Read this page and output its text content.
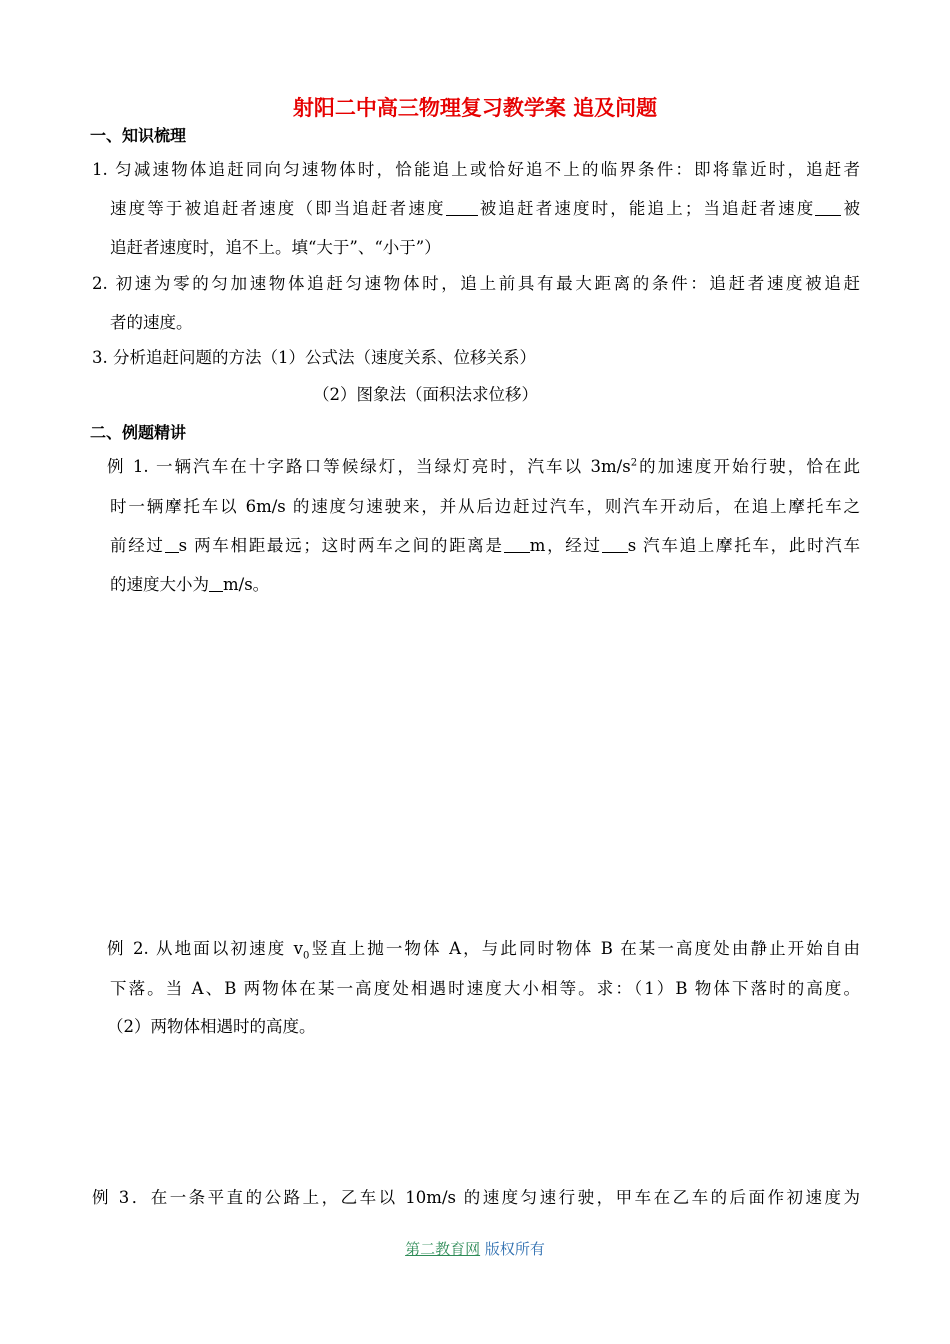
射阳二中高三物理复习教学案 追及问题
一、知识梳理
1. 匀减速物体追赶同向匀速物体时，恰能追上或恰好追不上的临界条件：即将靠近时，追赶者
速度等于被追赶者速度（即当追赶者速度 被追赶者速度时，能追上；当追赶者速度 被
追赶者速度时，追不上。填“大于”、“小于”）
2. 初速为零的匀加速物体追赶匀速物体时，追上前具有最大距离的条件：追赶者速度被追赶
者的速度。
3. 分析追赶问题的方法（1）公式法（速度关系、位移关系）
（2）图象法（面积法求位移）
二、例题精讲
例 1. 一辆汽车在十字路口等候绿灯，当绿灯亮时，汽车以 $3m/s^2$的加速度开始行驶，恰在此
时一辆摩托车以 6m/s 的速度匀速驶来，并从后边赶过汽车，则汽车开动后，在追上摩托车之
前经过 s 两车相距最远；这时两车之间的距离是 m，经过 s 汽车追上摩托车，此时汽车
的速度大小为 m/s。
例 2. 从地面以初速度 $v_0$竖直上抛一物体 A，与此同时物体 B 在某一高度处由静止开始自由
下落。当 A、B 两物体在某一高度处相遇时速度大小相等。求：（1）B 物体下落时的高度。
（2）两物体相遇时的高度。
例 3．在一条平直的公路上，乙车以 10m/s 的速度匀速行驶，甲车在乙车的后面作初速度为
第二教育网 版权所有
